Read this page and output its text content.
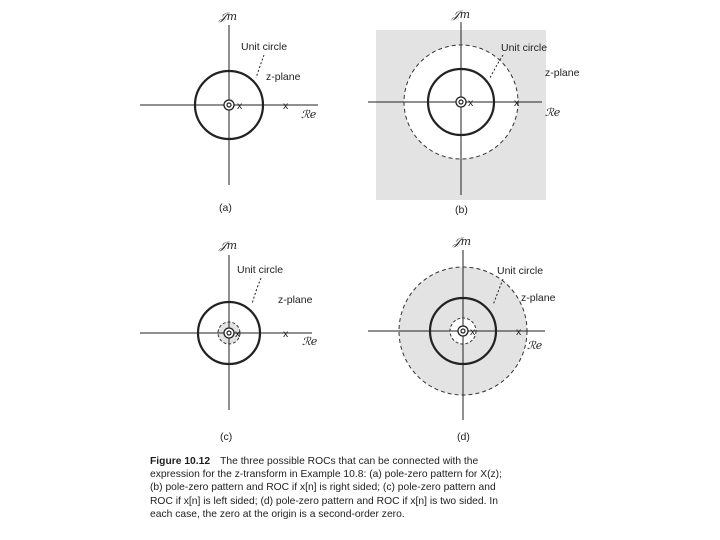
x	x
Unit circle
z-plane
𝒥m
ℛe
(a)
x	x
Unit circle
z-plane
𝒥m
ℛe
(b)
x	x
Unit circle
z-plane
𝒥m
ℛe
(c)
x	x
Unit circle
z-plane
𝒥m
ℛe
(d)
Figure 10.12 The three possible ROCs that can be connected with the
expression for the z-transform in Example 10.8: (a) pole-zero pattern for X(z);
(b) pole-zero pattern and ROC if x[n] is right sided; (c) pole-zero pattern and
ROC if x[n] is left sided; (d) pole-zero pattern and ROC if x[n] is two sided. In
each case, the zero at the origin is a second-order zero.
